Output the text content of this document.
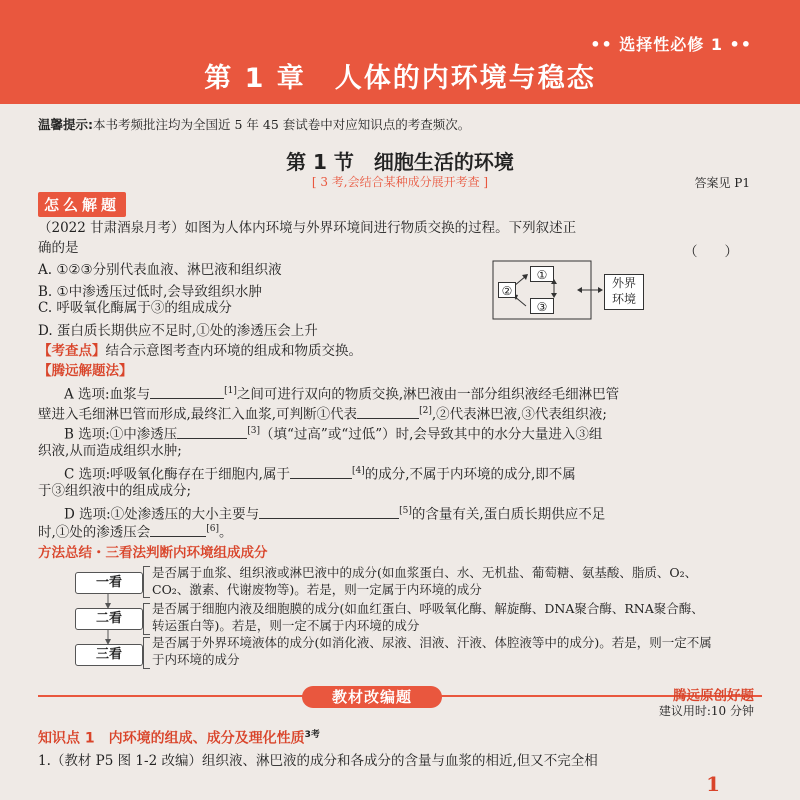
•• 选择性必修 1 ••
第 1 章　人体的内环境与稳态
温馨提示:本书考频批注均为全国近 5 年 45 套试卷中对应知识点的考查频次。
第 1 节　细胞生活的环境
[ 3 考,会结合某种成分展开考查 ]	答案见 P1
怎么解题
（2022 甘肃酒泉月考）如图为人体内环境与外界环境间进行物质交换的过程。下列叙述正
确的是	（　　）
A. ①②③分别代表血液、淋巴液和组织液
B. ①中渗透压过低时,会导致组织水肿
C. 呼吸氧化酶属于③的组成成分
D. 蛋白质长期供应不足时,①处的渗透压会上升
①
②
③
外界
环境
【考查点】结合示意图考查内环境的组成和物质交换。
【腾远解题法】
A 选项:血浆与	[1]之间可进行双向的物质交换,淋巴液由一部分组织液经毛细淋巴管
壁进入毛细淋巴管而形成,最终汇入血浆,可判断①代表	[2],②代表淋巴液,③代表组织液;
B 选项:①中渗透压	[3]（填“过高”或“过低”）时,会导致其中的水分大量进入③组
织液,从而造成组织水肿;
C 选项:呼吸氧化酶存在于细胞内,属于	[4]的成分,不属于内环境的成分,即不属
于③组织液中的组成成分;
D 选项:①处渗透压的大小主要与	[5]的含量有关,蛋白质长期供应不足
时,①处的渗透压会	[6]。
方法总结・三看法判断内环境组成成分
一看
是否属于血浆、组织液或淋巴液中的成分(如血浆蛋白、水、无机盐、葡萄糖、氨基酸、脂质、O₂、CO₂、激素、代谢废物等)。若是，则一定属于内环境的成分
二看
是否属于细胞内液及细胞膜的成分(如血红蛋白、呼吸氧化酶、解旋酶、DNA聚合酶、RNA聚合酶、转运蛋白等)。若是，则一定不属于内环境的成分
三看
是否属于外界环境液体的成分(如消化液、尿液、泪液、汗液、体腔液等中的成分)。若是，则一定不属于内环境的成分
教材改编题	腾远原创好题
建议用时:10 分钟
知识点 1　内环境的组成、成分及理化性质$^{3考}$
1.（教材 P5 图 1-2 改编）组织液、淋巴液的成分和各成分的含量与血浆的相近,但又不完全相
1
